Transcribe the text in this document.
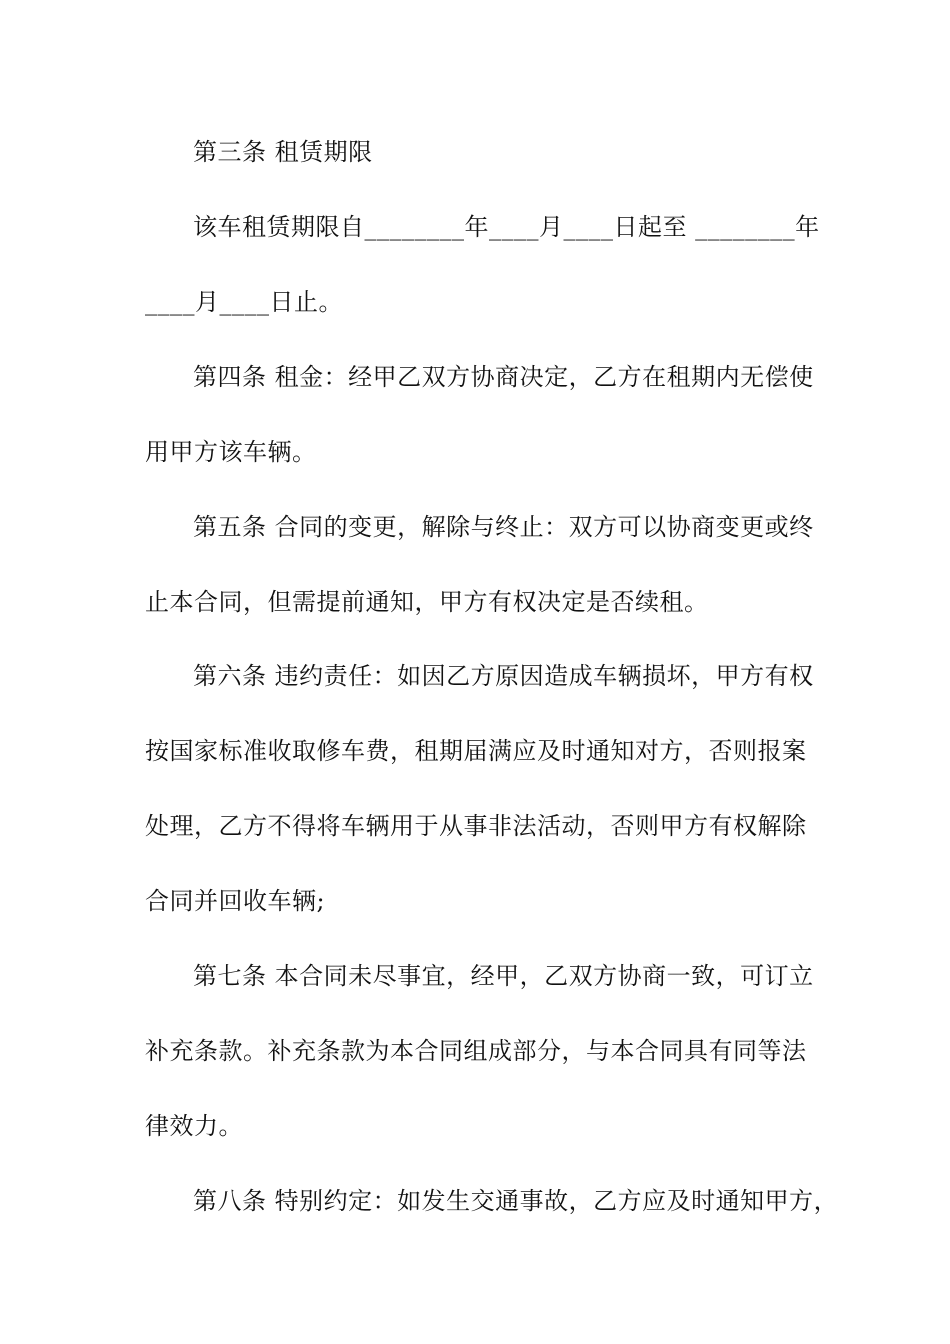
第三条 租赁期限
该车租赁期限自________年____月____日起至 ________年
____月____日止。
第四条 租金：经甲乙双方协商决定，乙方在租期内无偿使
用甲方该车辆。
第五条 合同的变更，解除与终止：双方可以协商变更或终
止本合同，但需提前通知，甲方有权决定是否续租。
第六条 违约责任：如因乙方原因造成车辆损坏，甲方有权
按国家标准收取修车费，租期届满应及时通知对方，否则报案
处理，乙方不得将车辆用于从事非法活动，否则甲方有权解除
合同并回收车辆;
第七条 本合同未尽事宜，经甲，乙双方协商一致，可订立
补充条款。补充条款为本合同组成部分，与本合同具有同等法
律效力。
第八条 特别约定：如发生交通事故，乙方应及时通知甲方，
